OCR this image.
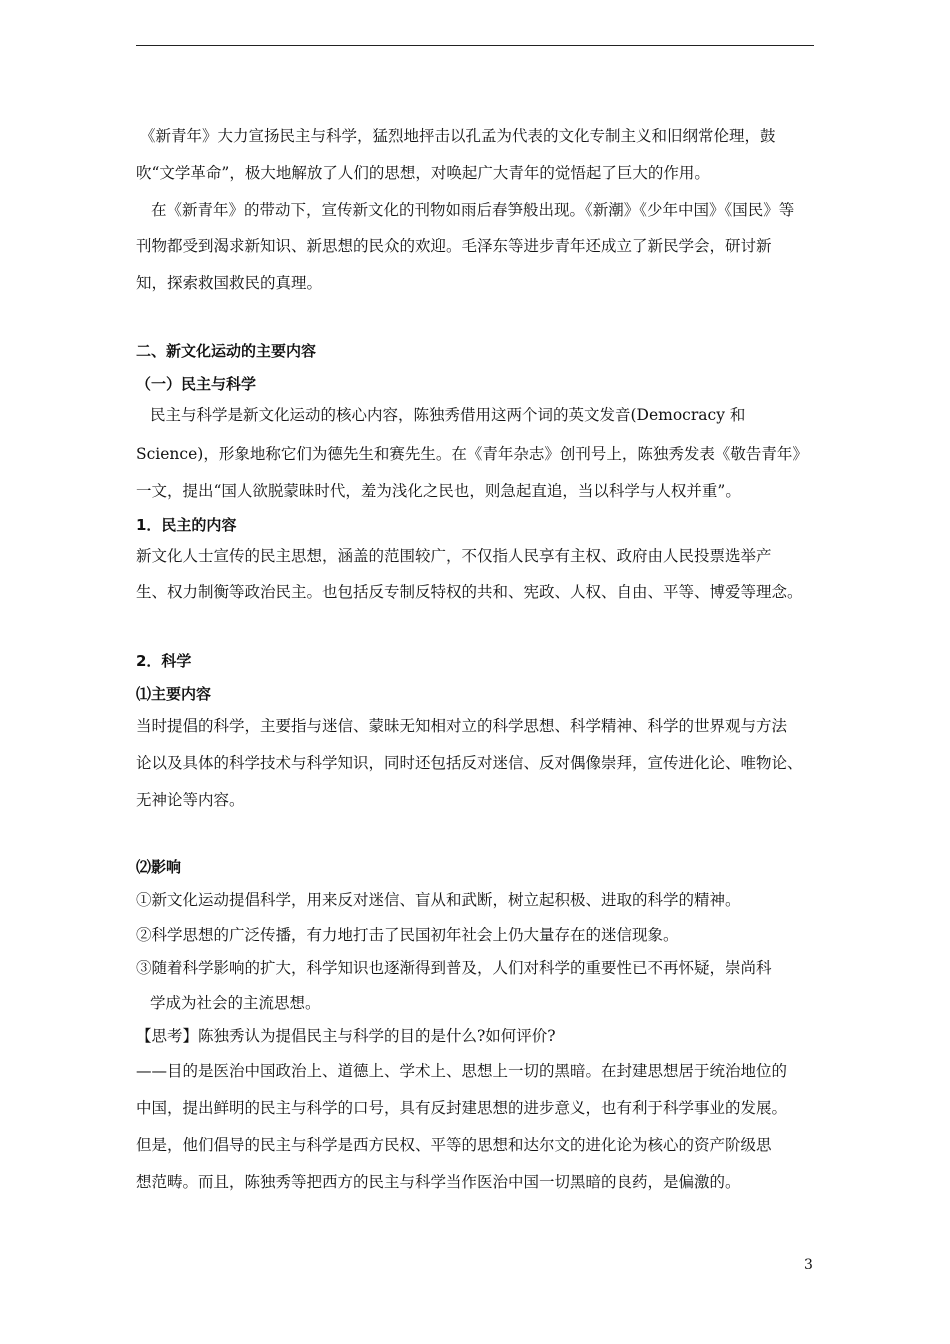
《新青年》大力宣扬民主与科学，猛烈地抨击以孔孟为代表的文化专制主义和旧纲常伦理，鼓
吹“文学革命”，极大地解放了人们的思想，对唤起广大青年的觉悟起了巨大的作用。
在《新青年》的带动下，宣传新文化的刊物如雨后春笋般出现。《新潮》《少年中国》《国民》等
刊物都受到渴求新知识、新思想的民众的欢迎。毛泽东等进步青年还成立了新民学会，研讨新
知，探索救国救民的真理。
二、新文化运动的主要内容
（一）民主与科学
民主与科学是新文化运动的核心内容，陈独秀借用这两个词的英文发音(Democracy 和
Science)，形象地称它们为德先生和赛先生。在《青年杂志》创刊号上，陈独秀发表《敬告青年》
一文，提出“国人欲脱蒙昧时代，羞为浅化之民也，则急起直追，当以科学与人权并重”。
1．民主的内容
新文化人士宣传的民主思想，涵盖的范围较广，不仅指人民享有主权、政府由人民投票选举产
生、权力制衡等政治民主。也包括反专制反特权的共和、宪政、人权、自由、平等、博爱等理念。
2．科学
⑴主要内容
当时提倡的科学，主要指与迷信、蒙昧无知相对立的科学思想、科学精神、科学的世界观与方法
论以及具体的科学技术与科学知识，同时还包括反对迷信、反对偶像崇拜，宣传进化论、唯物论、
无神论等内容。
⑵影响
①新文化运动提倡科学，用来反对迷信、盲从和武断，树立起积极、进取的科学的精神。
②科学思想的广泛传播，有力地打击了民国初年社会上仍大量存在的迷信现象。
③随着科学影响的扩大，科学知识也逐渐得到普及，人们对科学的重要性已不再怀疑，崇尚科
学成为社会的主流思想。
【思考】陈独秀认为提倡民主与科学的目的是什么?如何评价?
——目的是医治中国政治上、道德上、学术上、思想上一切的黑暗。在封建思想居于统治地位的
中国，提出鲜明的民主与科学的口号，具有反封建思想的进步意义，也有利于科学事业的发展。
但是，他们倡导的民主与科学是西方民权、平等的思想和达尔文的进化论为核心的资产阶级思
想范畴。而且，陈独秀等把西方的民主与科学当作医治中国一切黑暗的良药，是偏激的。
3
